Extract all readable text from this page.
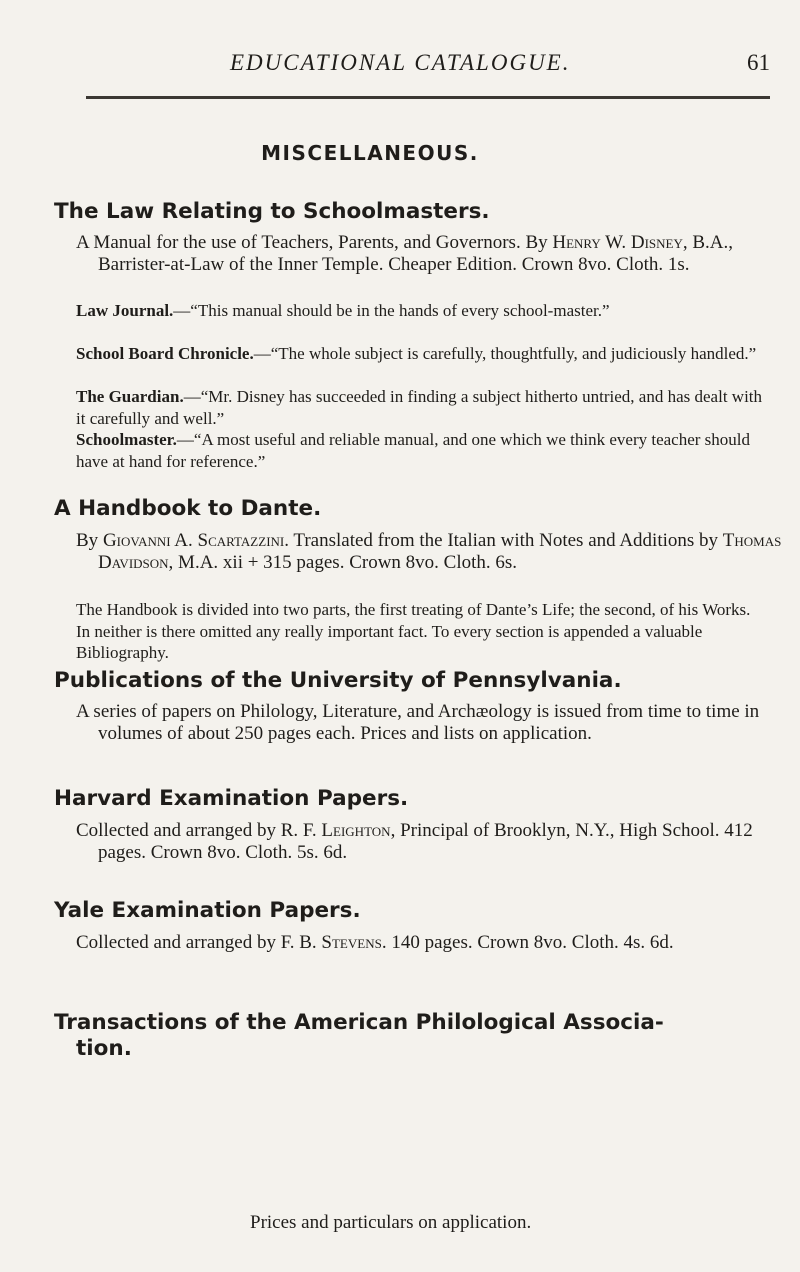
EDUCATIONAL CATALOGUE.	61
MISCELLANEOUS.
The Law Relating to Schoolmasters.
A Manual for the use of Teachers, Parents, and Governors. By Henry W. Disney, B.A., Barrister-at-Law of the Inner Temple. Cheaper Edition. Crown 8vo. Cloth. 1s.
Law Journal.—“This manual should be in the hands of every school-master.”
School Board Chronicle.—“The whole subject is carefully, thoughtfully, and judiciously handled.”
The Guardian.—“Mr. Disney has succeeded in finding a subject hitherto untried, and has dealt with it carefully and well.”
Schoolmaster.—“A most useful and reliable manual, and one which we think every teacher should have at hand for reference.”
A Handbook to Dante.
By Giovanni A. Scartazzini. Translated from the Italian with Notes and Additions by Thomas Davidson, M.A. xii + 315 pages. Crown 8vo. Cloth. 6s.
The Handbook is divided into two parts, the first treating of Dante’s Life; the second, of his Works. In neither is there omitted any really important fact. To every section is appended a valuable Bibliography.
Publications of the University of Pennsylvania.
A series of papers on Philology, Literature, and Archæology is issued from time to time in volumes of about 250 pages each. Prices and lists on application.
Harvard Examination Papers.
Collected and arranged by R. F. Leighton, Principal of Brooklyn, N.Y., High School. 412 pages. Crown 8vo. Cloth. 5s. 6d.
Yale Examination Papers.
Collected and arranged by F. B. Stevens. 140 pages. Crown 8vo. Cloth. 4s. 6d.
Transactions of the American Philological Associa-
tion.
Prices and particulars on application.
